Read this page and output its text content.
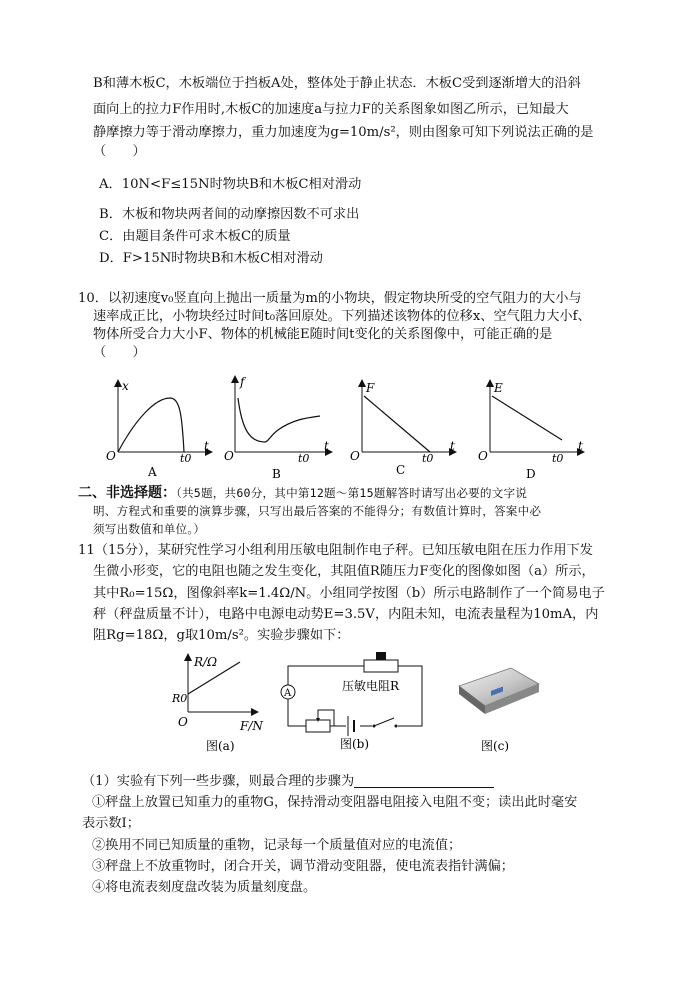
B和薄木板C，木板端位于挡板A处，整体处于静止状态．木板C受到逐渐增大的沿斜
面向上的拉力F作用时,木板C的加速度a与拉力F的关系图象如图乙所示，已知最大
静摩擦力等于滑动摩擦力，重力加速度为g=10m/s²，则由图象可知下列说法正确的是
（　　）
A．10N<F≤15N时物块B和木板C相对滑动
B．木板和物块两者间的动摩擦因数不可求出
C．由题目条件可求木板C的质量
D．F>15N时物块B和木板C相对滑动
10．以初速度v₀竖直向上抛出一质量为m的小物块，假定物块所受的空气阻力的大小与
速率成正比，小物块经过时间t₀落回原处。下列描述该物体的位移x、空气阻力大小f、
物体所受合力大小F、物体的机械能E随时间t变化的关系图像中，可能正确的是
（　　）
x
t
O	t0
A
f
t
O	t0
B
F
t
O	t0
C
E
t
O	t0
D
二、非选择题：（共5题，共60分，其中第12题～第15题解答时请写出必要的文字说
明、方程式和重要的演算步骤，只写出最后答案的不能得分；有数值计算时，答案中必
须写出数值和单位。）
11（15分），某研究性学习小组利用压敏电阻制作电子秤。已知压敏电阻在压力作用下发
生微小形变，它的电阻也随之发生变化，其阻值R随压力F变化的图像如图（a）所示，
其中R₀=15Ω，图像斜率k=1.4Ω/N。小组同学按图（b）所示电路制作了一个简易电子
秤（秤盘质量不计），电路中电源电动势E=3.5V，内阻未知，电流表量程为10mA，内
阻Rg=18Ω，g取10m/s²。实验步骤如下：
R/Ω
F/N
O
R0
图(a)
A
压敏电阻R
图(b)	图(c)
（1）实验有下列一些步骤，则最合理的步骤为
①秤盘上放置已知重力的重物G，保持滑动变阻器电阻接入电阻不变；读出此时毫安
表示数I；
②换用不同已知质量的重物，记录每一个质量值对应的电流值；
③秤盘上不放重物时，闭合开关，调节滑动变阻器，使电流表指针满偏；
④将电流表刻度盘改装为质量刻度盘。
